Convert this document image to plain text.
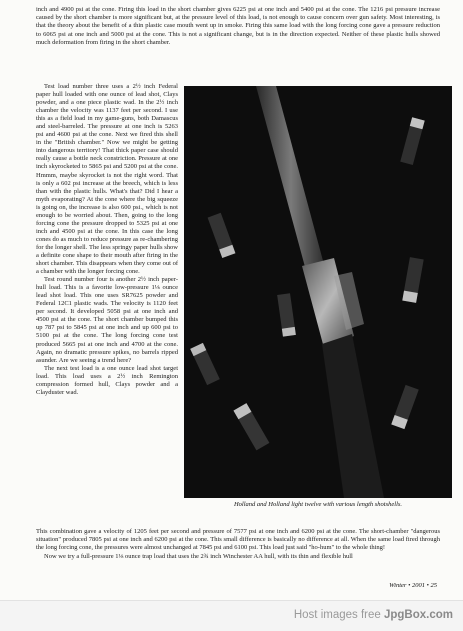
inch and 4900 psi at the cone. Firing this load in the short chamber gives 6225 psi at one inch and 5400 psi at the cone. The 1216 psi pressure increase caused by the short chamber is more significant but, at the pressure level of this load, is not enough to cause concern over gun safety. Most interesting, is that the theory about the benefit of a thin plastic case mouth went up in smoke. Firing this same load with the long forcing cone gave a pressure reduction to 6065 psi at one inch and 5000 psi at the cone. This is not a significant change, but is in the direction expected. Neither of these plastic hulls showed much deformation from firing in the short chamber.

Test load number three uses a 2½ inch Federal paper hull loaded with one ounce of lead shot, Clays powder, and a one piece plastic wad. In the 2½ inch chamber the velocity was 1137 feet per second. I use this as a field load in my game-guns, both Damascus and steel-barreled. The pressure at one inch is 5263 psi and 4600 psi at the cone. Next we fired this shell in the "British chamber." Now we might be getting into dangerous territory! That thick paper case should really cause a bottle neck constriction. Pressure at one inch skyrocketed to 5865 psi and 5200 psi at the cone. Hmmm, maybe skyrocket is not the right word. That is only a 602 psi increase at the breech, which is less than with the plastic hulls. What's that? Did I hear a myth evaporating? At the cone where the big squeeze is going on, the increase is also 600 psi., which is not enough to be worried about. Then, going to the long forcing cone the pressure dropped to 5325 psi at one inch and 4500 psi at the cone. In this case the long cones do as much to reduce pressure as re-chambering for the longer shell. The less springy paper hulls show a definite cone shape to their mouth after firing in the short chamber. This disappears when they come out of a chamber with the longer forcing cone.

Test round number four is another 2½ inch paper-hull load. This is a favorite low-pressure 1⅛ ounce lead shot load. This one uses SR7625 powder and Federal 12C1 plastic wads. The velocity is 1120 feet per second. It developed 5058 psi at one inch and 4500 psi at the cone. The short chamber bumped this up 787 psi to 5845 psi at one inch and up 600 psi to 5100 psi at the cone. The long forcing cone test produced 5665 psi at one inch and 4700 at the cone. Again, no dramatic pressure spikes, no barrels ripped asunder. Are we seeing a trend here?

The next test load is a one ounce lead shot target load. This load uses a 2½ inch Remington compression formed hull, Clays powder and a Clayduster wad.

Holland and Holland light twelve with various length shotshells.

This combination gave a velocity of 1205 feet per second and pressure of 7577 psi at one inch and 6200 psi at the cone. The short-chamber "dangerous situation" produced 7805 psi at one inch and 6200 psi at the cone. This small difference is basically no difference at all. When the same load fired through the long forcing cone, the pressures were almost unchanged at 7845 psi and 6100 psi. This load just said "ho-hum" to the whole thing!

Now we try a full-pressure 1⅛ ounce trap load that uses the 2¾ inch Winchester AA hull, with its thin and flexible hull

Winter • 2001 • 25
Host images free JpgBox.com
